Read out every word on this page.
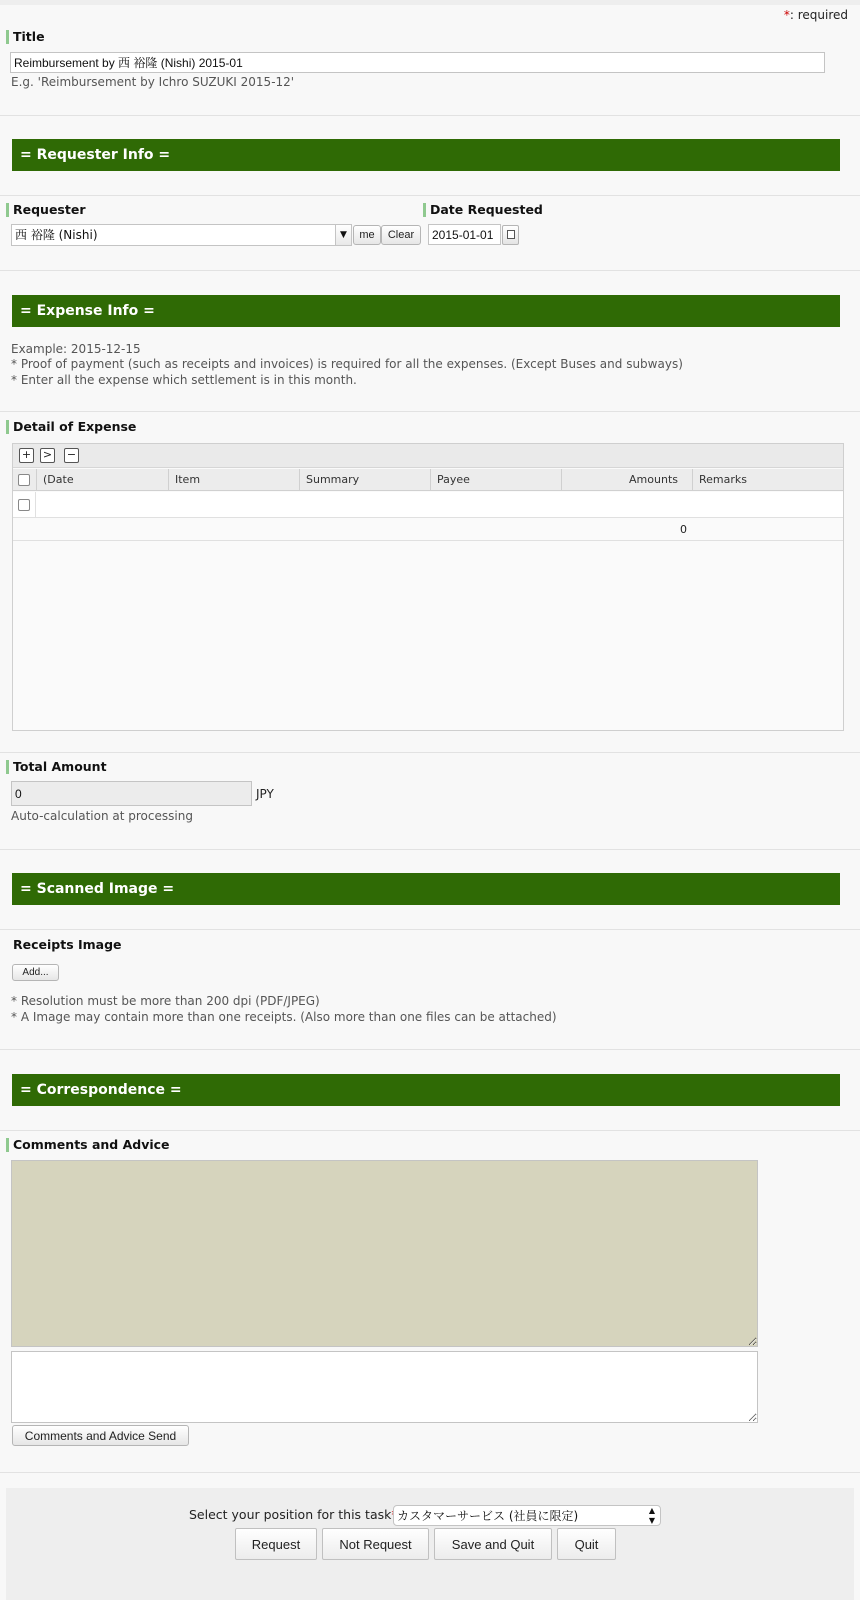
*: required
Title
Reimbursement by 西 裕隆 (Nishi) 2015-01
E.g. 'Reimbursement by Ichro SUZUKI 2015-12'
= Requester Info =
Requester
西 裕隆 (Nishi)	▼	me	Clear
Date Requested
2015-01-01
= Expense Info =
Example: 2015-12-15
* Proof of payment (such as receipts and invoices) is required for all the expenses. (Except Buses and subways)
* Enter all the expense which settlement is in this month.
Detail of Expense
+ > −
(Date	Item	Summary	Payee	Amounts	Remarks
0
Total Amount
0
JPY
Auto-calculation at processing
= Scanned Image =
Receipts Image
Add...
* Resolution must be more than 200 dpi (PDF/JPEG)
* A Image may contain more than one receipts. (Also more than one files can be attached)
= Correspondence =
Comments and Advice
Comments and Advice Send
Select your position for this task カスタマーサービス (社員に限定)	▲
▼
Request	Not Request	Save and Quit	Quit
